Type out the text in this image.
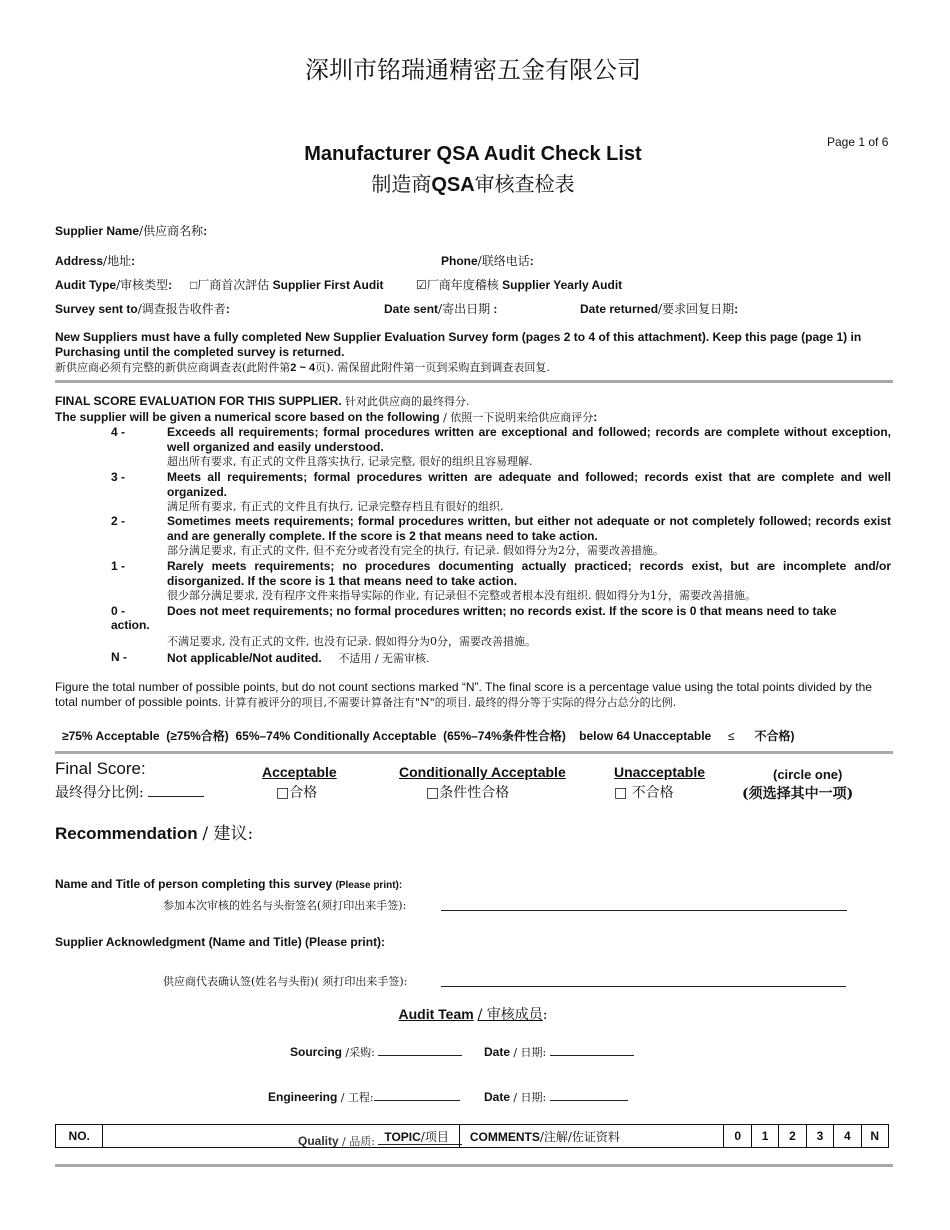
深圳市铭瑞通精密五金有限公司
Page 1 of 6
Manufacturer QSA Audit Check List
制造商QSA审核查检表
Supplier Name/供应商名称:
Address/地址:	Phone/联络电话:
Audit Type/审核类型: □厂商首次評估 Supplier First Audit	☑厂商年度稽核 Supplier Yearly Audit
Survey sent to/调查报告收件者:	Date sent/寄出日期 :	Date returned/要求回复日期:
New Suppliers must have a fully completed New Supplier Evaluation Survey form (pages 2 to 4 of this attachment). Keep this page (page 1) in Purchasing until the completed survey is returned.
新供应商必须有完整的新供应商调查表(此附件第2 ~ 4页). 需保留此附件第一页到采购直到调查表回复.
FINAL SCORE EVALUATION FOR THIS SUPPLIER. 针对此供应商的最终得分.
The supplier will be given a numerical score based on the following / 依照一下说明来给供应商评分:
4 -	Exceeds all requirements; formal procedures written are exceptional and followed; records are complete without exception, well organized and easily understood.
超出所有要求, 有正式的文件且落实执行, 记录完整, 很好的组织且容易理解.
3 -	Meets all requirements; formal procedures written are adequate and followed; records exist that are complete and well organized.
满足所有要求, 有正式的文件且有执行, 记录完整存档且有很好的组织.
2 -	Sometimes meets requirements; formal procedures written, but either not adequate or not completely followed; records exist and are generally complete. If the score is 2 that means need to take action.
部分满足要求, 有正式的文件, 但不充分或者没有完全的执行, 有记录. 假如得分为2分，需要改善措施。
1 -	Rarely meets requirements; no procedures documenting actually practiced; records exist, but are incomplete and/or disorganized. If the score is 1 that means need to take action.
很少部分满足要求, 没有程序文件来指导实际的作业, 有记录但不完整或者根本没有组织. 假如得分为1分，需要改善措施。
0 -	Does not meet requirements; no formal procedures written; no records exist. If the score is 0 that means need to take
action.
不满足要求, 没有正式的文件, 也没有记录. 假如得分为0分，需要改善措施。
N -	Not applicable/Not audited. 不适用 / 无需审核.
Figure the total number of possible points, but do not count sections marked “N”. The final score is a percentage value using the total points divided by the total number of possible points. 计算有被评分的项目,不需要计算备注有"N"的项目. 最终的得分等于实际的得分占总分的比例.
≥75% Acceptable (≥75%合格) 65%–74% Conditionally Acceptable (65%–74%条件性合格) below 64 Unacceptable ≤ 不合格)
Final Score:
最终得分比例:
Acceptable
□合格
Conditionally Acceptable
□条件性合格
Unacceptable
□ 不合格
(circle one)
(须选择其中一项)
Recommendation / 建议:
Name and Title of person completing this survey (Please print):
参加本次审核的姓名与头衔签名(须打印出来手签):
Supplier Acknowledgment (Name and Title) (Please print):
供应商代表确认签(姓名与头衔)( 须打印出来手签):
Audit Team / 审核成员:
Sourcing /采购:	Date / 日期:
Engineering / 工程:	Date / 日期:
Quality / 品质:
NO.	TOPIC/项目	COMMENTS/注解/佐证资料	0	1	2	3	4	N
